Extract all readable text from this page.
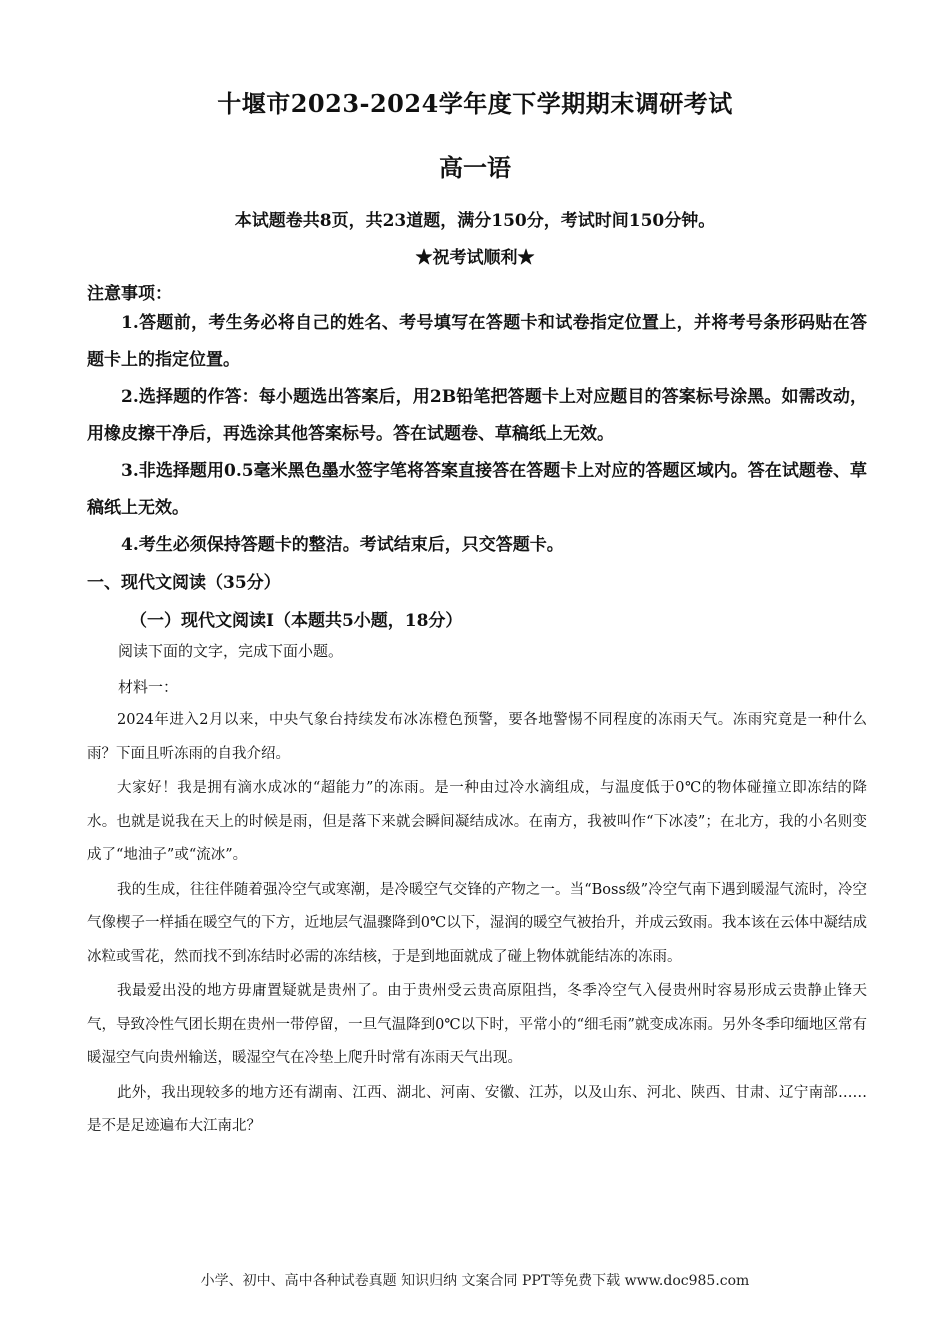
十堰市2023-2024学年度下学期期末调研考试
高一语
本试题卷共8页，共23道题，满分150分，考试时间150分钟。
★祝考试顺利★
注意事项：

1.答题前，考生务必将自己的姓名、考号填写在答题卡和试卷指定位置上，并将考号条形码贴在答题卡上的指定位置。

2.选择题的作答：每小题选出答案后，用2B铅笔把答题卡上对应题目的答案标号涂黑。如需改动，用橡皮擦干净后，再选涂其他答案标号。答在试题卷、草稿纸上无效。

3.非选择题用0.5毫米黑色墨水签字笔将答案直接答在答题卡上对应的答题区域内。答在试题卷、草稿纸上无效。

4.考生必须保持答题卡的整洁。考试结束后，只交答题卡。

一、现代文阅读（35分）
（一）现代文阅读Ⅰ（本题共5小题，18分）
阅读下面的文字，完成下面小题。
材料一：

2024年进入2月以来，中央气象台持续发布冰冻橙色预警，要各地警惕不同程度的冻雨天气。冻雨究竟是一种什么雨？下面且听冻雨的自我介绍。

大家好！我是拥有滴水成冰的“超能力”的冻雨。是一种由过冷水滴组成，与温度低于0℃的物体碰撞立即冻结的降水。也就是说我在天上的时候是雨，但是落下来就会瞬间凝结成冰。在南方，我被叫作“下冰凌”；在北方，我的小名则变成了“地油子”或“流冰”。

我的生成，往往伴随着强冷空气或寒潮，是冷暖空气交锋的产物之一。当“Boss级”冷空气南下遇到暖湿气流时，冷空气像楔子一样插在暖空气的下方，近地层气温骤降到0℃以下，湿润的暖空气被抬升，并成云致雨。我本该在云体中凝结成冰粒或雪花，然而找不到冻结时必需的冻结核，于是到地面就成了碰上物体就能结冻的冻雨。

我最爱出没的地方毋庸置疑就是贵州了。由于贵州受云贵高原阻挡，冬季冷空气入侵贵州时容易形成云贵静止锋天气，导致冷性气团长期在贵州一带停留，一旦气温降到0℃以下时，平常小的“细毛雨”就变成冻雨。另外冬季印缅地区常有暖湿空气向贵州输送，暖湿空气在冷垫上爬升时常有冻雨天气出现。

此外，我出现较多的地方还有湖南、江西、湖北、河南、安徽、江苏，以及山东、河北、陕西、甘肃、辽宁南部……是不是足迹遍布大江南北？

小学、初中、高中各种试卷真题 知识归纳 文案合同 PPT等免费下载 www.doc985.com
